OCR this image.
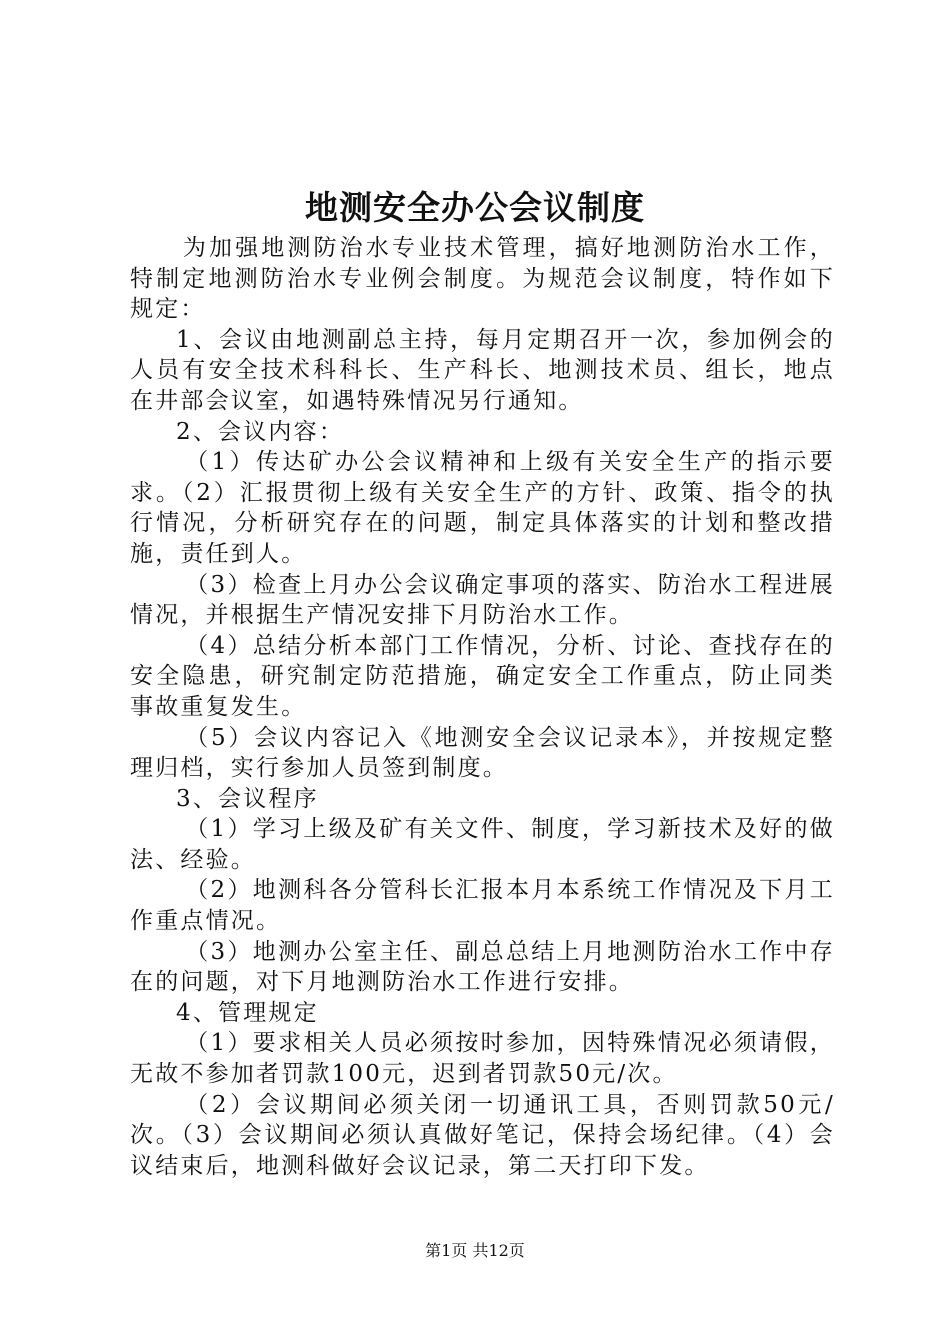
地测安全办公会议制度

为加强地测防治水专业技术管理，搞好地测防治水工作，特制定地测防治水专业例会制度。为规范会议制度，特作如下规定：

1、会议由地测副总主持，每月定期召开一次，参加例会的人员有安全技术科科长、生产科长、地测技术员、组长，地点在井部会议室，如遇特殊情况另行通知。

2、会议内容：

（1）传达矿办公会议精神和上级有关安全生产的指示要求。（2）汇报贯彻上级有关安全生产的方针、政策、指令的执行情况，分析研究存在的问题，制定具体落实的计划和整改措施，责任到人。

（3）检查上月办公会议确定事项的落实、防治水工程进展情况，并根据生产情况安排下月防治水工作。

（4）总结分析本部门工作情况，分析、讨论、查找存在的安全隐患，研究制定防范措施，确定安全工作重点，防止同类事故重复发生。

（5）会议内容记入《地测安全会议记录本》，并按规定整理归档，实行参加人员签到制度。

3、会议程序

（1）学习上级及矿有关文件、制度，学习新技术及好的做法、经验。

（2）地测科各分管科长汇报本月本系统工作情况及下月工作重点情况。

（3）地测办公室主任、副总总结上月地测防治水工作中存在的问题，对下月地测防治水工作进行安排。

4、管理规定

（1）要求相关人员必须按时参加，因特殊情况必须请假，无故不参加者罚款100元，迟到者罚款50元/次。

（2）会议期间必须关闭一切通讯工具，否则罚款50元/次。（3）会议期间必须认真做好笔记，保持会场纪律。（4）会议结束后，地测科做好会议记录，第二天打印下发。

第1页 共12页
